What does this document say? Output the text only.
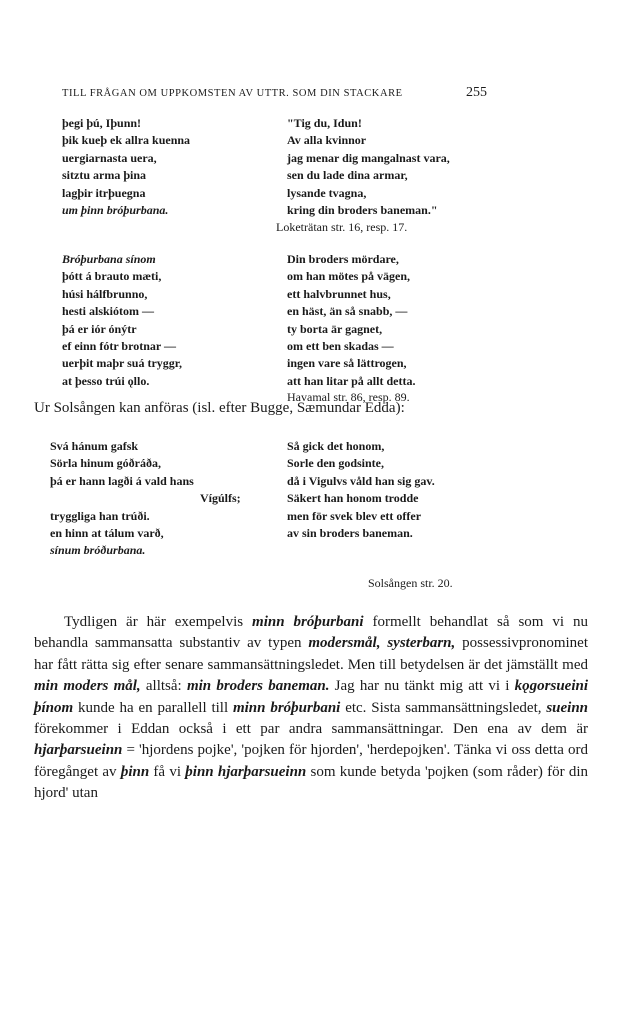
TILL FRÅGAN OM UPPKOMSTEN AV UTTR. SOM DIN STACKARE	255
þegi þú, Iþunn!
þik kueþ ek allra kuenna
uergiarnasta uera,
sitztu arma þina
lagþir itrþuegna
um þinn bróþurbana.
"Tig du, Idun!
Av alla kvinnor
jag menar dig mangalnast vara,
sen du lade dina armar,
lysande tvagna,
kring din broders baneman."
Loketrätan str. 16, resp. 17.
Bróþurbana sínom
þótt á brauto mæti,
húsi hálfbrunno,
hesti alskiótom —
þá er iór ónýtr
ef einn fótr brotnar —
uerþit maþr suá tryggr,
at þesso trúi ǫllo.
Din broders mördare,
om han mötes på vägen,
ett halvbrunnet hus,
en häst, än så snabb, —
ty borta är gagnet,
om ett ben skadas —
ingen vare så lättrogen,
att han litar på allt detta.
Havamal str. 86, resp. 89.
Ur Solsången kan anföras (isl. efter Bugge, Sæmundar Edda):
Svá hánum gafsk
Sörla hinum góðráða,
þá er hann lagði á vald hans
Vígúlfs;
tryggliga han trúði.
en hinn at tálum varð,
sínum bróðurbana.
Så gick det honom,
Sorle den godsinte,
då i Vigulvs våld han sig gav.
Säkert han honom trodde
men för svek blev ett offer
av sin broders baneman.
Solsången str. 20.

Tydligen är här exempelvis minn bróþurbani formellt behandlat så som vi nu behandla sammansatta substantiv av typen modersmål, systerbarn, possessivpronominet har fått rätta sig efter senare sammansättningsledet. Men till betydelsen är det jämställt med min moders mål, alltså: min broders baneman. Jag har nu tänkt mig att vi i kǫgorsueini þínom kunde ha en parallell till minn bróþurbani etc. Sista sammansättningsledet, sueinn förekommer i Eddan också i ett par andra sammansättningar. Den ena av dem är hjarþarsueinn = 'hjordens pojke', 'pojken för hjorden', 'herdepojken'. Tänka vi oss detta ord föregånget av þinn få vi þinn hjarþarsueinn som kunde betyda 'pojken (som råder) för din hjord' utan
